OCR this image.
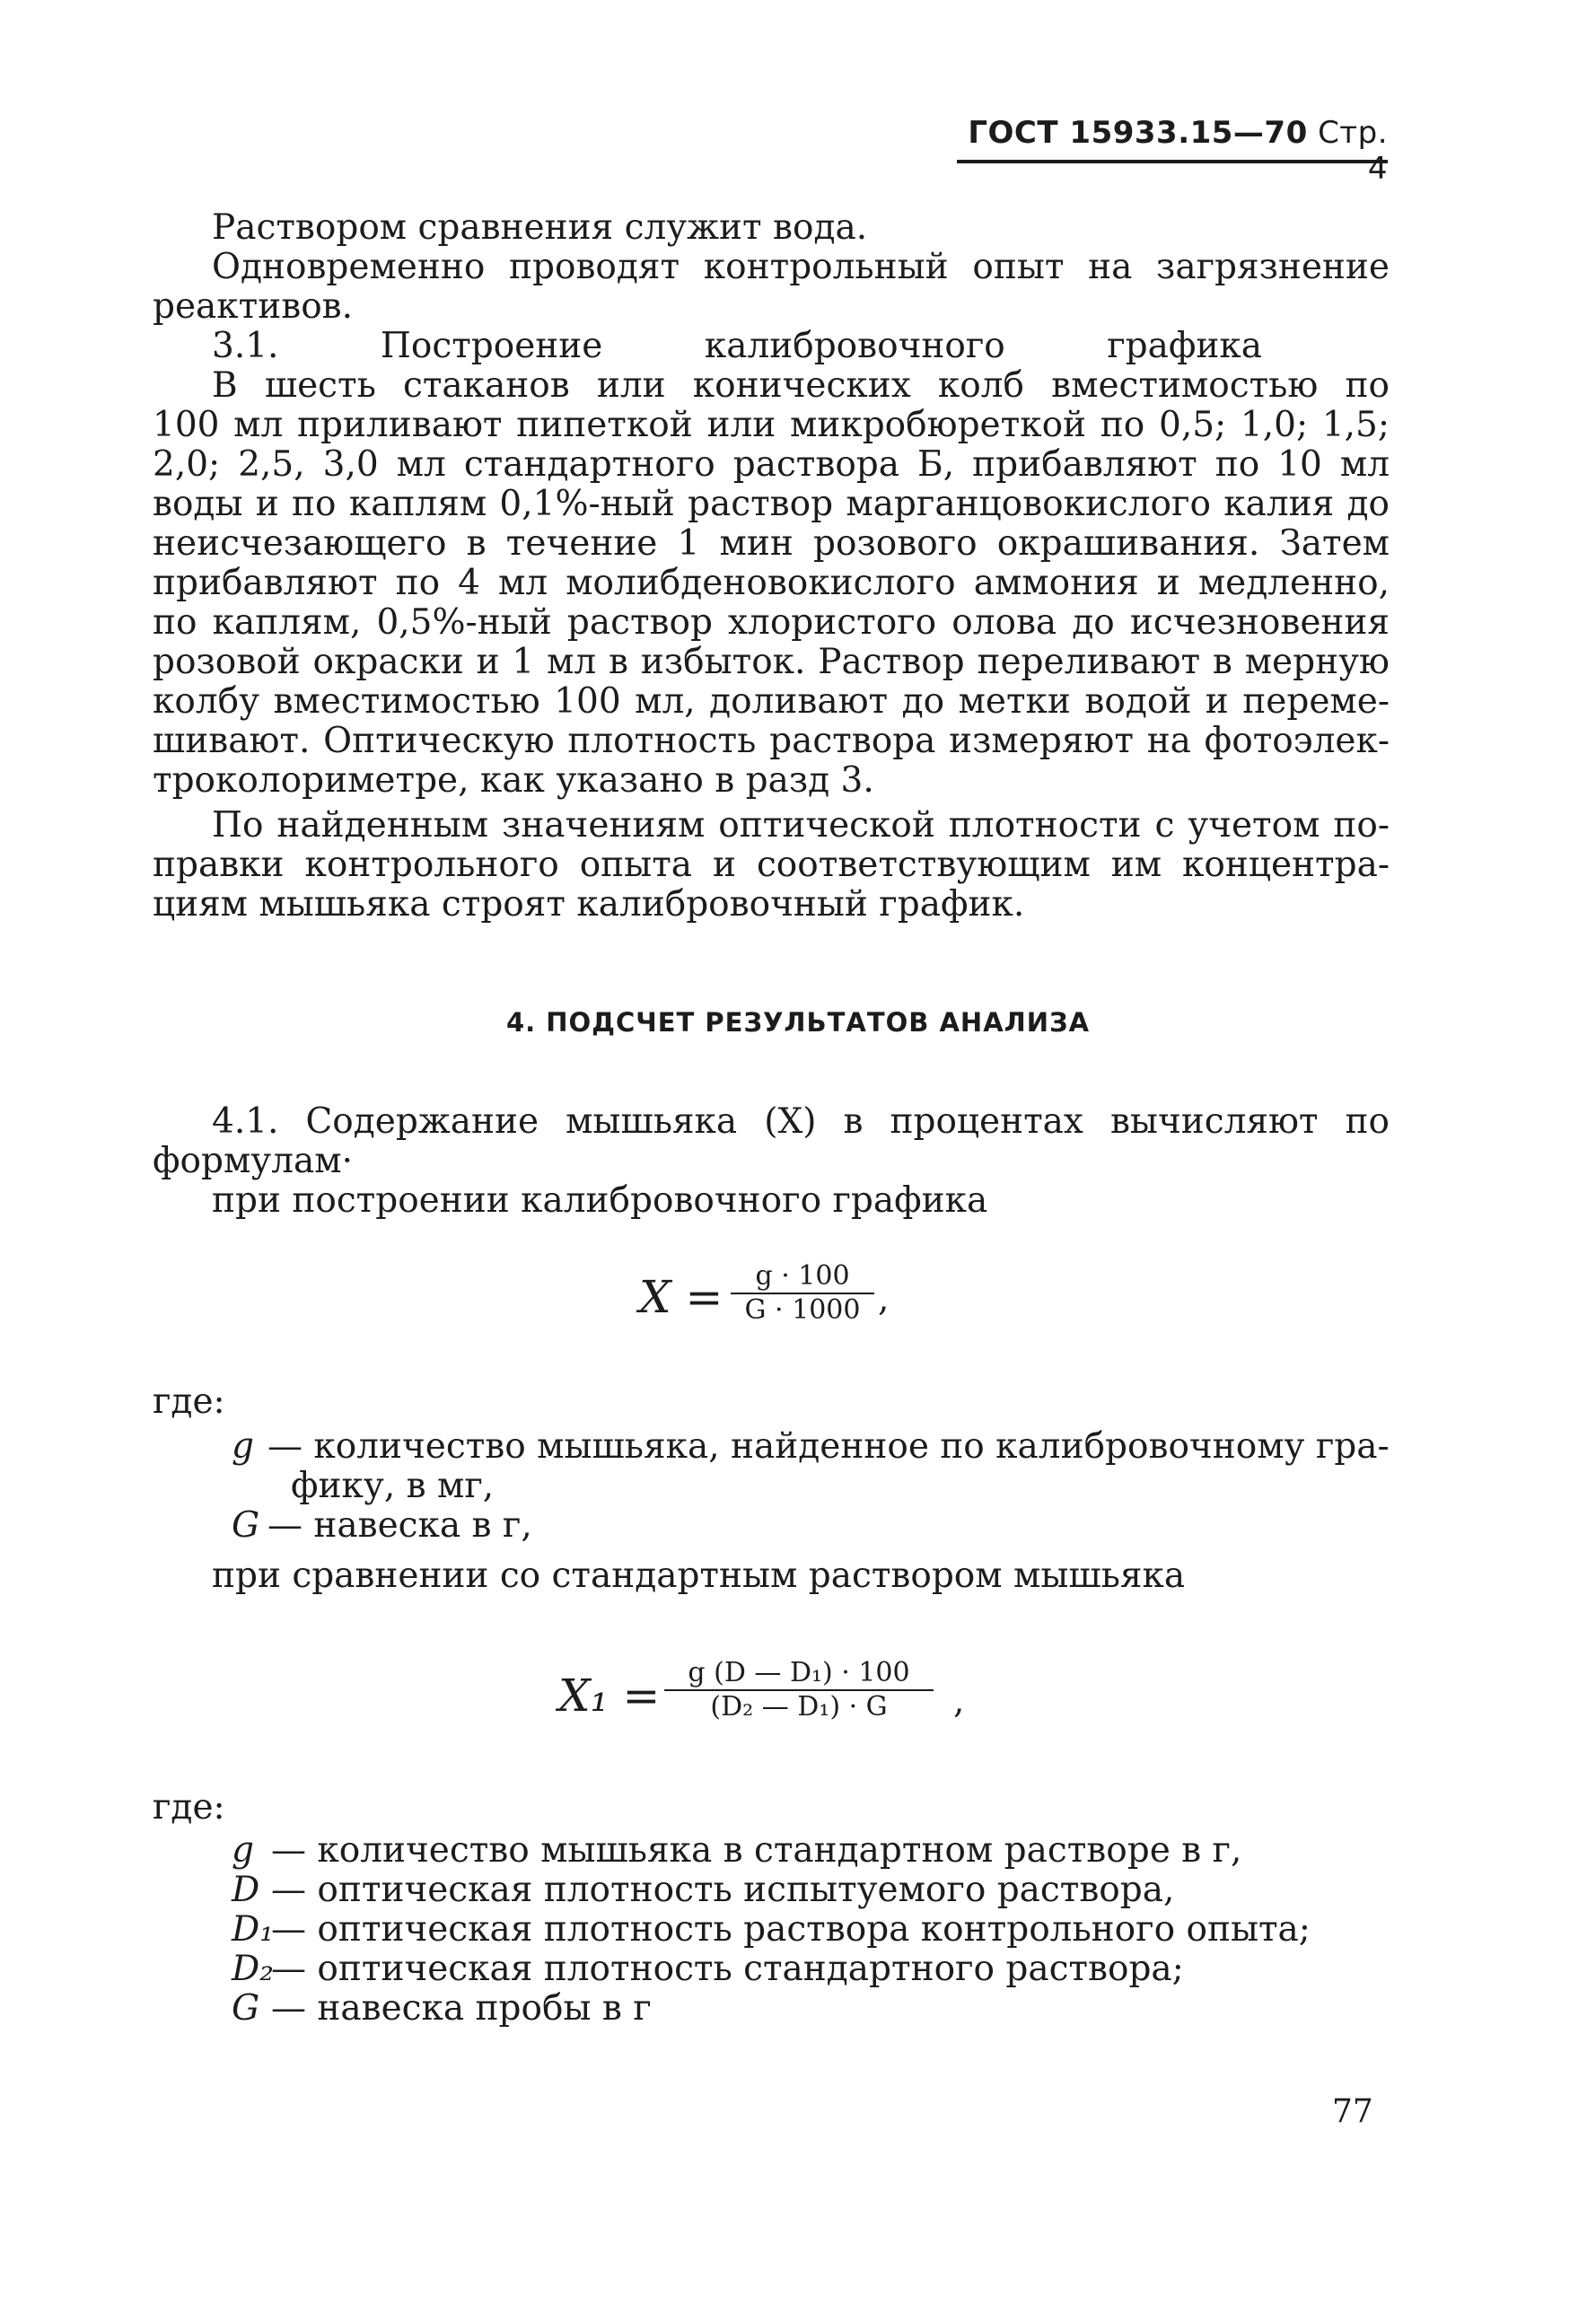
ГОСТ 15933.15—70 Стр. 4
Раствором сравнения служит вода.
Одновременно проводят контрольный опыт на загрязнение
реактивов.
3.1. Построение калибровочного графика
В шесть стаканов или конических колб вместимостью по
100 мл приливают пипеткой или микробюреткой по 0,5; 1,0; 1,5;
2,0; 2,5, 3,0 мл стандартного раствора Б, прибавляют по 10 мл
воды и по каплям 0,1%-ный раствор марганцовокислого калия до
неисчезающего в течение 1 мин розового окрашивания. Затем
прибавляют по 4 мл молибденовокислого аммония и медленно,
по каплям, 0,5%-ный раствор хлористого олова до исчезновения
розовой окраски и 1 мл в избыток. Раствор переливают в мерную
колбу вместимостью 100 мл, доливают до метки водой и переме-
шивают. Оптическую плотность раствора измеряют на фотоэлек-
троколориметре, как указано в разд 3.
По найденным значениям оптической плотности с учетом по-
правки контрольного опыта и соответствующим им концентра-
циям мышьяка строят калибровочный график.
4. ПОДСЧЕТ РЕЗУЛЬТАТОВ АНАЛИЗА
4.1. Содержание мышьяка (X) в процентах вычисляют по
формулам·
при построении калибровочного графика
X =	g · 100
G · 1000 ,
где:
g — количество мышьяка, найденное по калибровочному гра-
фику, в мг,
G — навеска в г,
при сравнении со стандартным раствором мышьяка
X₁ =	g (D — D₁) · 100
(D₂ — D₁) · G	,
где:
g — количество мышьяка в стандартном растворе в г,
D — оптическая плотность испытуемого раствора,
D₁
— оптическая плотность раствора контрольного опыта;
D₂
— оптическая плотность стандартного раствора;
G — навеска пробы в г
77
